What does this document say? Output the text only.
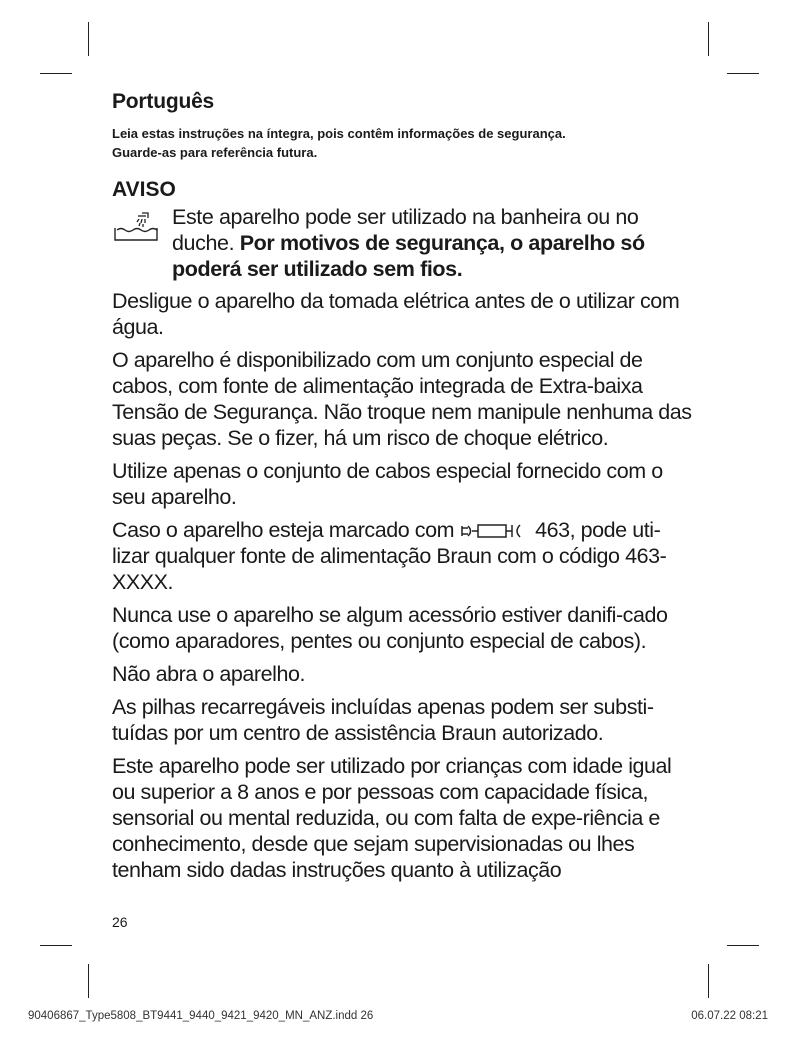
Português
Leia estas instruções na íntegra, pois contêm informações de segurança.
Guarde-as para referência futura.
AVISO
Este aparelho pode ser utilizado na banheira ou no duche. Por motivos de segurança, o aparelho só poderá ser utilizado sem fios.

Desligue o aparelho da tomada elétrica antes de o utilizar com água.

O aparelho é disponibilizado com um conjunto especial de cabos, com fonte de alimentação integrada de Extra-baixa Tensão de Segurança. Não troque nem manipule nenhuma das suas peças. Se o fizer, há um risco de choque elétrico.

Utilize apenas o conjunto de cabos especial fornecido com o seu aparelho.

Caso o aparelho esteja marcado com	463, pode uti-lizar qualquer fonte de alimentação Braun com o código 463-XXXX.

Nunca use o aparelho se algum acessório estiver danifi-cado (como aparadores, pentes ou conjunto especial de cabos).

Não abra o aparelho.

As pilhas recarregáveis incluídas apenas podem ser substi-tuídas por um centro de assistência Braun autorizado.

Este aparelho pode ser utilizado por crianças com idade igual ou superior a 8 anos e por pessoas com capacidade física, sensorial ou mental reduzida, ou com falta de expe-riência e conhecimento, desde que sejam supervisionadas ou lhes tenham sido dadas instruções quanto à utilização

26
90406867_Type5808_BT9441_9440_9421_9420_MN_ANZ.indd 26	06.07.22 08:21
